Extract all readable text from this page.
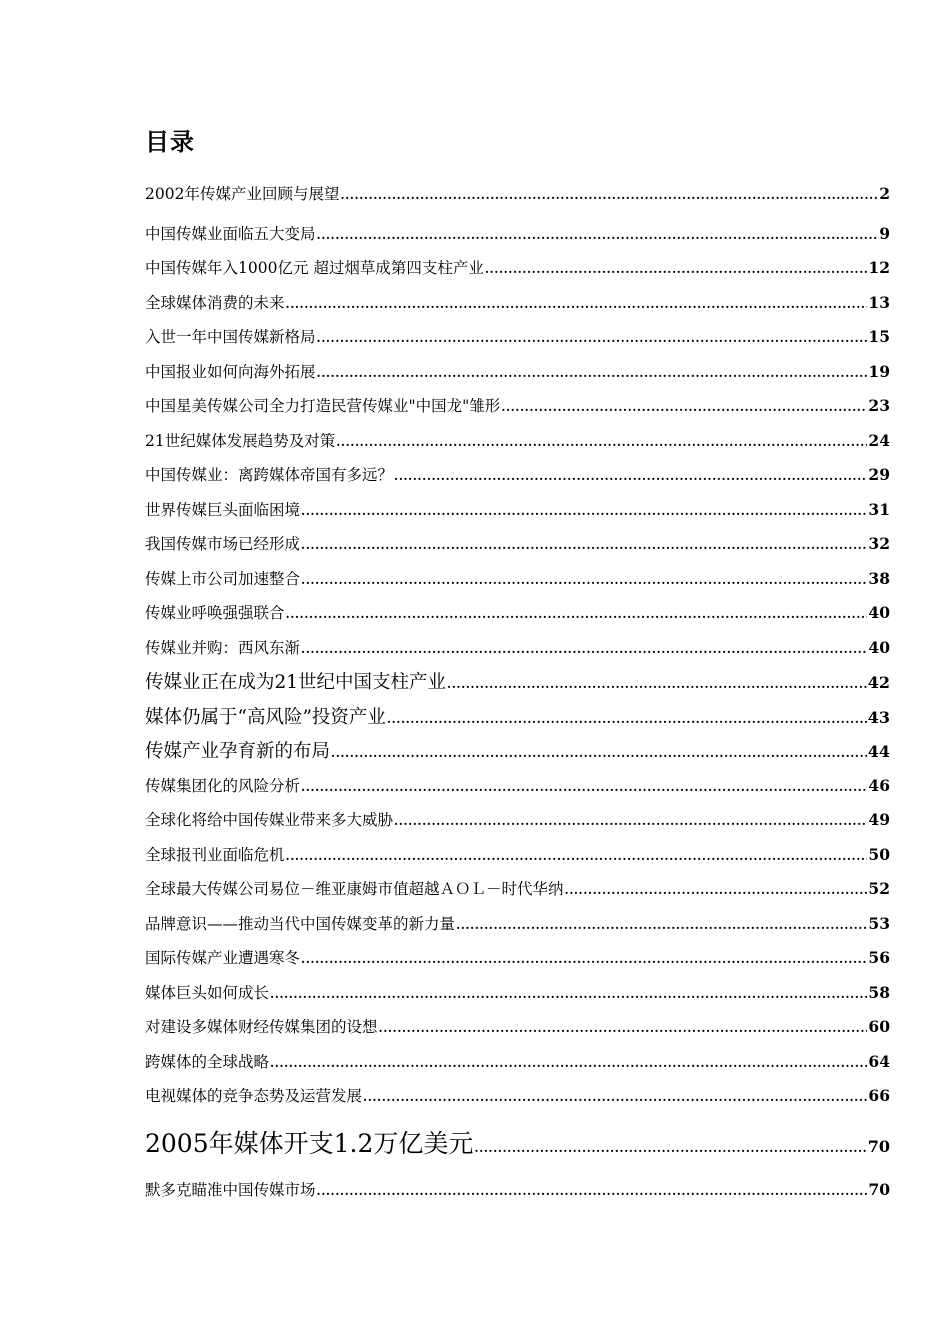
目录
2002年传媒产业回顾与展望 .....	2
中国传媒业面临五大变局 .....	9
中国传媒年入1000亿元 超过烟草成第四支柱产业 .....	12
全球媒体消费的未来 .....	13
入世一年中国传媒新格局 .....	15
中国报业如何向海外拓展 .....	19
中国星美传媒公司全力打造民营传媒业"中国龙"雏形 .....	23
21世纪媒体发展趋势及对策 .....	24
中国传媒业：离跨媒体帝国有多远？ .....	29
世界传媒巨头面临困境 .....	31
我国传媒市场已经形成 .....	32
传媒上市公司加速整合 .....	38
传媒业呼唤强强联合 .....	40
传媒业并购：西风东渐 .....	40
传媒业正在成为21世纪中国支柱产业 .....	42
媒体仍属于“高风险”投资产业 .....	43
传媒产业孕育新的布局 .....	44
传媒集团化的风险分析 .....	46
全球化将给中国传媒业带来多大威胁 .....	49
全球报刊业面临危机 .....	50
全球最大传媒公司易位－维亚康姆市值超越ＡＯＬ－时代华纳 .....	52
品牌意识——推动当代中国传媒变革的新力量 .....	53
国际传媒产业遭遇寒冬 .....	56
媒体巨头如何成长 .....	58
对建设多媒体财经传媒集团的设想 .....	60
跨媒体的全球战略 .....	64
电视媒体的竞争态势及运营发展 .....	66
2005年媒体开支1.2万亿美元 .....	70
默多克瞄准中国传媒市场 .....	70
